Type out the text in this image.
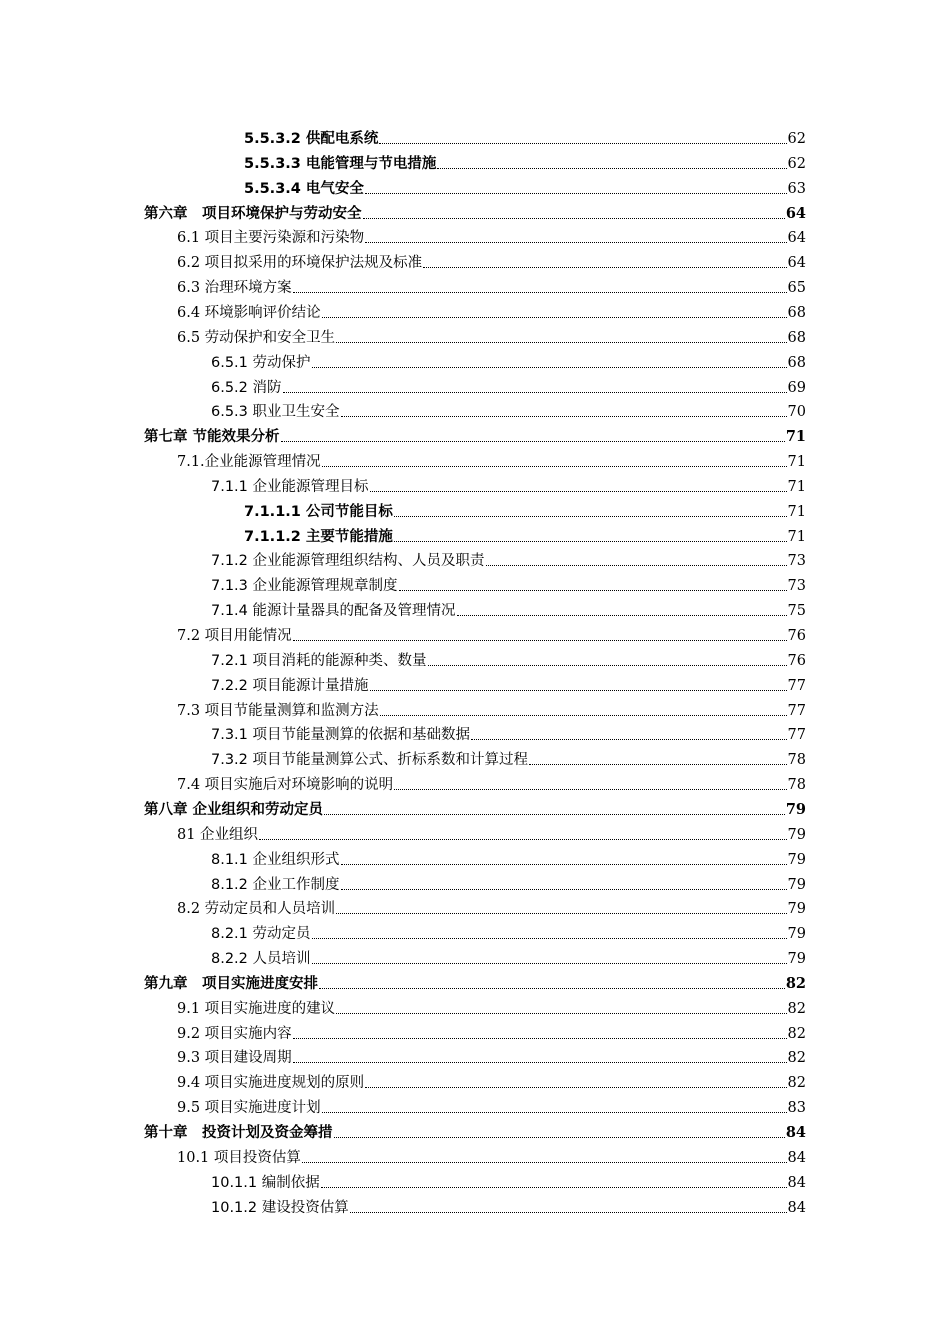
5.5.3.2 供配电系统	62
5.5.3.3 电能管理与节电措施	62
5.5.3.4 电气安全	63
第六章　项目环境保护与劳动安全	64
6.1 项目主要污染源和污染物	64
6.2 项目拟采用的环境保护法规及标准	64
6.3 治理环境方案	65
6.4 环境影响评价结论	68
6.5 劳动保护和安全卫生	68
6.5.1 劳动保护	68
6.5.2 消防	69
6.5.3 职业卫生安全	70
第七章 节能效果分析	71
7.1.企业能源管理情况	71
7.1.1 企业能源管理目标	71
7.1.1.1 公司节能目标	71
7.1.1.2 主要节能措施	71
7.1.2 企业能源管理组织结构、人员及职责	73
7.1.3 企业能源管理规章制度	73
7.1.4 能源计量器具的配备及管理情况	75
7.2 项目用能情况	76
7.2.1 项目消耗的能源种类、数量	76
7.2.2 项目能源计量措施	77
7.3 项目节能量测算和监测方法	77
7.3.1 项目节能量测算的依据和基础数据	77
7.3.2 项目节能量测算公式、折标系数和计算过程	78
7.4 项目实施后对环境影响的说明	78
第八章 企业组织和劳动定员	79
81 企业组织	79
8.1.1 企业组织形式	79
8.1.2 企业工作制度	79
8.2 劳动定员和人员培训	79
8.2.1 劳动定员	79
8.2.2 人员培训	79
第九章　项目实施进度安排	82
9.1 项目实施进度的建议	82
9.2 项目实施内容	82
9.3 项目建设周期	82
9.4 项目实施进度规划的原则	82
9.5 项目实施进度计划	83
第十章　投资计划及资金筹措	84
10.1 项目投资估算	84
10.1.1 编制依据	84
10.1.2 建设投资估算	84
